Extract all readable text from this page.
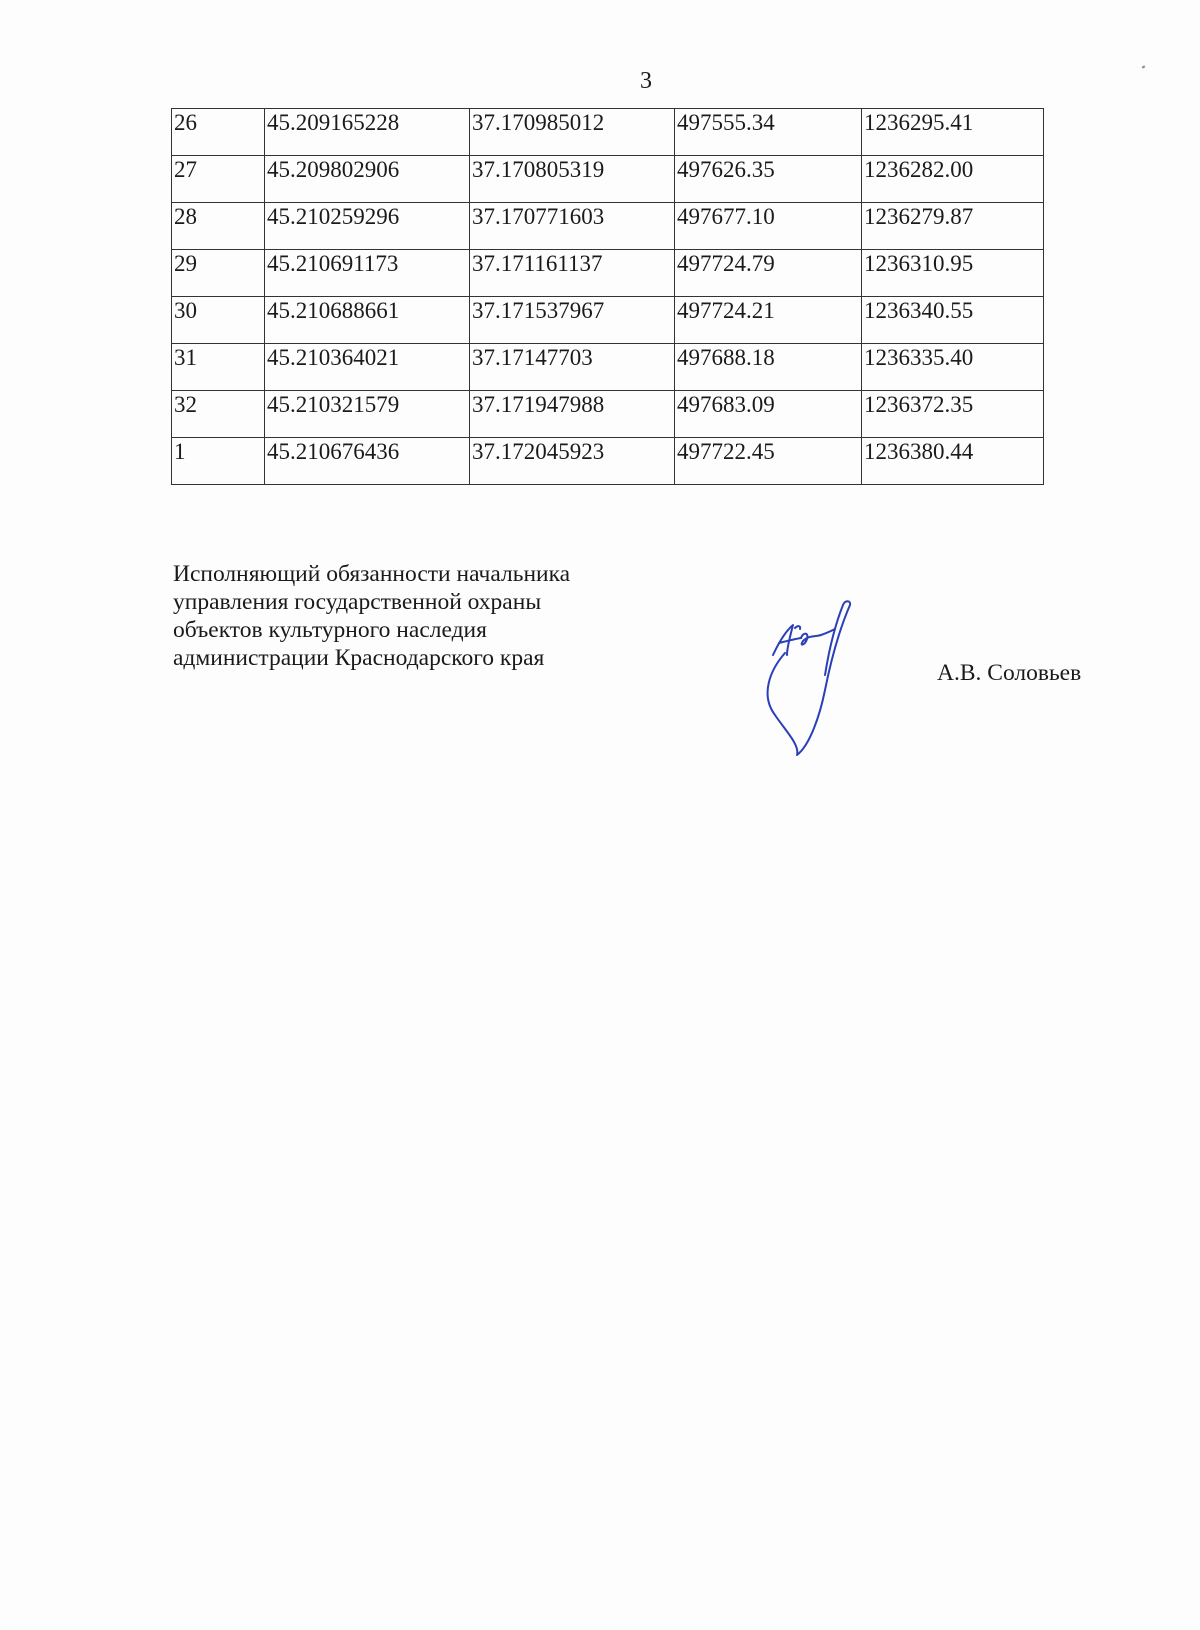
3
26	45.209165228	37.170985012	497555.34	1236295.41
27	45.209802906	37.170805319	497626.35	1236282.00
28	45.210259296	37.170771603	497677.10	1236279.87
29	45.210691173	37.171161137	497724.79	1236310.95
30	45.210688661	37.171537967	497724.21	1236340.55
31	45.210364021	37.17147703	497688.18	1236335.40
32	45.210321579	37.171947988	497683.09	1236372.35
1	45.210676436	37.172045923	497722.45	1236380.44
Исполняющий обязанности начальника
управления государственной охраны
объектов культурного наследия
администрации Краснодарского края
А.В. Соловьев
